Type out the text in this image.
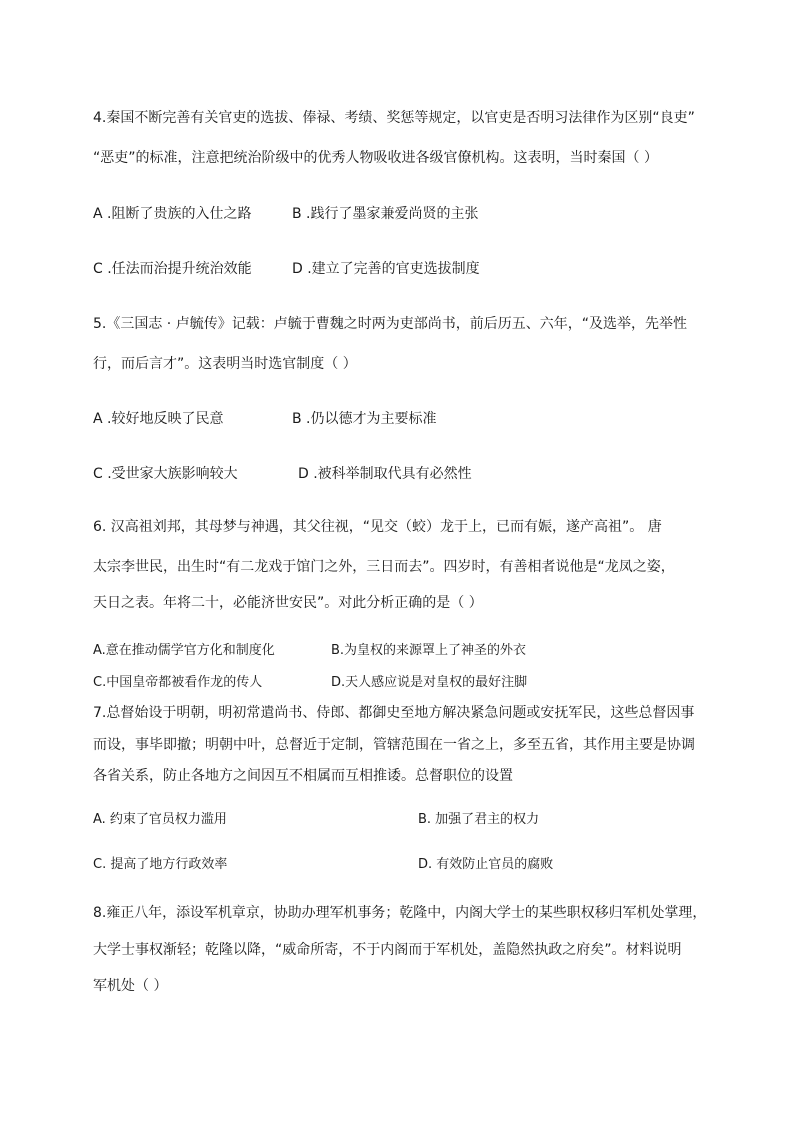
4.秦国不断完善有关官吏的选拔、俸禄、考绩、奖惩等规定，以官吏是否明习法律作为区别“良吏”
“恶吏”的标准，注意把统治阶级中的优秀人物吸收进各级官僚机构。这表明，当时秦国（ ）
A .阻断了贵族的入仕之路	B .践行了墨家兼爱尚贤的主张
C .任法而治提升统治效能	D .建立了完善的官吏选拔制度
5.《三国志 · 卢毓传》记载：卢毓于曹魏之时两为吏部尚书，前后历五、六年，“及选举，先举性
行，而后言才”。这表明当时选官制度（ ）
A .较好地反映了民意	B .仍以德才为主要标准
C .受世家大族影响较大	D .被科举制取代具有必然性
6. 汉高祖刘邦，其母梦与神遇，其父往视，“见交（蛟）龙于上，已而有娠，遂产高祖”。 唐
太宗李世民，出生时“有二龙戏于馆门之外，三日而去”。四岁时，有善相者说他是“龙凤之姿，
天日之表。年将二十，必能济世安民”。对此分析正确的是（ ）
A.意在推动儒学官方化和制度化	B.为皇权的来源罩上了神圣的外衣
C.中国皇帝都被看作龙的传人	D.天人感应说是对皇权的最好注脚
7.总督始设于明朝，明初常遣尚书、侍郎、都御史至地方解决紧急问题或安抚军民，这些总督因事
而设，事毕即撤；明朝中叶，总督近于定制，管辖范围在一省之上，多至五省，其作用主要是协调
各省关系，防止各地方之间因互不相属而互相推诿。总督职位的设置
A. 约束了官员权力滥用	B. 加强了君主的权力
C. 提高了地方行政效率	D. 有效防止官员的腐败
8.雍正八年，添设军机章京，协助办理军机事务；乾隆中，内阁大学士的某些职权移归军机处掌理，
大学士事权渐轻；乾隆以降，“威命所寄，不于内阁而于军机处，盖隐然执政之府矣”。材料说明
军机处（ ）
